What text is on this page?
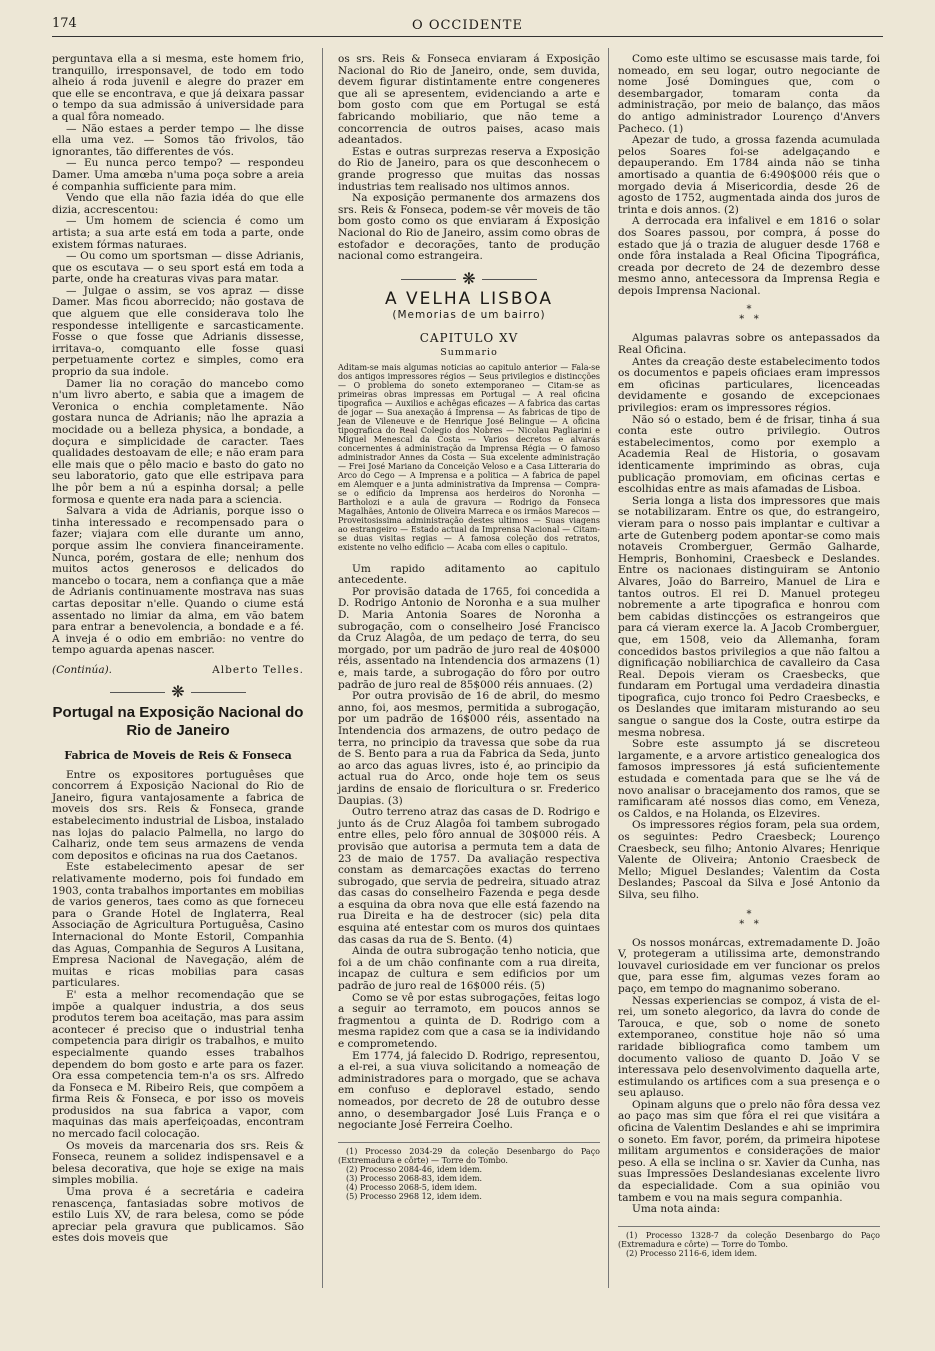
174	O OCCIDENTE

perguntava ella a si mesma, este homem frio, tranquillo, irresponsavel, de todo em todo alheio á roda juvenil e alegre do prazer em que elle se encontrava, e que já deixara passar o tempo da sua admissão á universidade para a qual fôra nomeado.

— Não estaes a perder tempo — lhe disse ella uma vez. — Somos tão frivolos, tão ignorantes, tão differentes de vós.

— Eu nunca perco tempo? — respondeu Damer. Uma amœba n'uma poça sobre a areia é companhia sufficiente para mim.

Vendo que ella não fazia idéa do que elle dizia, accrescentou:

— Um homem de sciencia é como um artista; a sua arte está em toda a parte, onde existem fórmas naturaes.

— Ou como um sportsman — disse Adrianis, que os escutava — o seu sport está em toda a parte, onde ha creaturas vivas para matar.

— Julgae o assim, se vos apraz — disse Damer. Mas ficou aborrecido; não gostava de que alguem que elle considerava tolo lhe respondesse intelligente e sarcasticamente. Fosse o que fosse que Adrianis dissesse, irritava-o, comquanto elle fosse quasi perpetuamente cortez e simples, como era proprio da sua indole.

Damer lia no coração do mancebo como n'um livro aberto, e sabia que a imagem de Veronica o enchia completamente. Não gostara nunca de Adrianis; não lhe aprazia a mocidade ou a belleza physica, a bondade, a doçura e simplicidade de caracter. Taes qualidades destoavam de elle; e não eram para elle mais que o pêlo macio e basto do gato no seu laboratorio, gato que elle estripava para lhe pôr bem a nú a espinha dorsal; a pelle formosa e quente era nada para a sciencia.

Salvara a vida de Adrianis, porque isso o tinha interessado e recompensado para o fazer; viajara com elle durante um anno, porque assim lhe conviera financeiramente. Nunca, porém, gostara de elle; nenhum dos muitos actos generosos e delicados do mancebo o tocara, nem a confiança que a mãe de Adrianis continuamente mostrava nas suas cartas depositar n'elle. Quando o ciume está assentado no limiar da alma, em vão batem para entrar a benevolencia, a bondade e a fé. A inveja é o odio em embrião: no ventre do tempo aguarda apenas nascer.

(Continúa).	Alberto Telles.
❋
Portugal na Exposição Nacional do Rio de Janeiro
Fabrica de Moveis de Reis & Fonseca

Entre os expositores portuguêses que concorrem á Exposição Nacional do Rio de Janeiro, figura vantajosamente a fabrica de moveis dos srs. Reis & Fonseca, grande estabelecimento industrial de Lisboa, instalado nas lojas do palacio Palmella, no largo do Calhariz, onde tem seus armazens de venda com depositos e oficinas na rua dos Caetanos.

Este estabelecimento apesar de ser relativamente moderno, pois foi fundado em 1903, conta trabalhos importantes em mobilias de varios generos, taes como as que forneceu para o Grande Hotel de Inglaterra, Real Associação de Agricultura Portuguêsa, Casino Internacional do Monte Estoril, Companhia das Aguas, Companhia de Seguros A Lusitana, Empresa Nacional de Navegação, além de muitas e ricas mobilias para casas particulares.

E' esta a melhor recomendação que se impõe a qualquer industria, a dos seus produtos terem boa aceitação, mas para assim acontecer é preciso que o industrial tenha competencia para dirigir os trabalhos, e muito especialmente quando esses trabalhos dependem do bom gosto e arte para os fazer. Ora essa competencia tem-n'a os srs. Alfredo da Fonseca e M. Ribeiro Reis, que compõem a firma Reis & Fonseca, e por isso os moveis produsidos na sua fabrica a vapor, com maquinas das mais aperfeiçoadas, encontram no mercado facil colocação.

Os moveis da marcenaria dos srs. Reis & Fonseca, reunem a solidez indispensavel e a belesa decorativa, que hoje se exige na mais simples mobilia.

Uma prova é a secretária e cadeira renascença, fantasiadas sobre motivos de estilo Luis XV, de rara belesa, como se póde apreciar pela gravura que publicamos. São estes dois moveis que

os srs. Reis & Fonseca enviaram á Exposição Nacional do Rio de Janeiro, onde, sem duvida, devem figurar distintamente entre congeneres que ali se apresentem, evidenciando a arte e bom gosto com que em Portugal se está fabricando mobiliario, que não teme a concorrencia de outros paises, acaso mais adeantados.

Estas e outras surprezas reserva a Exposição do Rio de Janeiro, para os que desconhecem o grande progresso que muitas das nossas industrias tem realisado nos ultimos annos.

Na exposição permanente dos armazens dos srs. Reis & Fonseca, podem-se vêr moveis de tão bom gosto como os que enviaram á Exposição Nacional do Rio de Janeiro, assim como obras de estofador e decorações, tanto de produção nacional como estrangeira.

❋
A VELHA LISBOA
(Memorias de um bairro)
CAPITULO XV
Summario
Aditam-se mais algumas noticias ao capitulo anterior — Fala-se dos antigos impressores régios — Seus privilegios e distincções — O problema do soneto extemporaneo — Citam-se as primeiras obras impressas em Portugal — A real oficina tipografica — Auxilios e achêgas eficazes — A fabrica das cartas de jogar — Sua anexação á Imprensa — As fabricas de tipo de Jean de Vileneuve e de Henrique José Belingue — A oficina tipografica do Real Colegio dos Nobres — Nicolau Pagliarini e Miguel Menescal da Costa — Varios decretos e alvarás concernentes á administração da Imprensa Régia — O famoso administrador Annes da Costa — Sua excelente administração — Frei José Mariano da Conceição Veloso e a Casa Litteraria do Arco do Cego — A Imprensa e a politica — A fabrica de papel em Alemquer e a junta administrativa da Imprensa — Compra-se o edificio da Imprensa aos herdeiros do Noronha — Bartholozi e a aula de gravura — Rodrigo da Fonseca Magalhães, Antonio de Oliveira Marreca e os irmãos Marecos — Proveitosissima administração destes ultimos — Suas viagens ao estrangeiro — Estado actual da Imprensa Nacional — Citam-se duas visitas regias — A famosa coleção dos retratos, existente no velho edificio — Acaba com elles o capitulo.

Um rapido aditamento ao capitulo antecedente.

Por provisão datada de 1765, foi concedida a D. Rodrigo Antonio de Noronha e a sua mulher D. Maria Antonia Soares de Noronha a subrogação, com o conselheiro José Francisco da Cruz Alagôa, de um pedaço de terra, do seu morgado, por um padrão de juro real de 40$000 réis, assentado na Intendencia dos armazens (1) e, mais tarde, a subrogação do fôro por outro padrão de juro real de 85$000 réis annuaes. (2)

Por outra provisão de 16 de abril, do mesmo anno, foi, aos mesmos, permitida a subrogação, por um padrão de 16$000 réis, assentado na Intendencia dos armazens, de outro pedaço de terra, no principio da travessa que sobe da rua de S. Bento para a rua da Fabrica da Seda, junto ao arco das aguas livres, isto é, ao principio da actual rua do Arco, onde hoje tem os seus jardins de ensaio de floricultura o sr. Frederico Daupias. (3)

Outro terreno atraz das casas de D. Rodrigo e junto ás de Cruz Alagôa foi tambem subrogado entre elles, pelo fôro annual de 30$000 réis. A provisão que autorisa a permuta tem a data de 23 de maio de 1757. Da avaliação respectiva constam as demarcações exactas do terreno subrogado, que servia de pedreira, situado atraz das casas do conselheiro Fazenda e pega desde a esquina da obra nova que elle está fazendo na rua Direita e ha de destrocer (sic) pela dita esquina até entestar com os muros dos quintaes das casas da rua de S. Bento. (4)

Ainda de outra subrogação tenho noticia, que foi a de um chão confinante com a rua direita, incapaz de cultura e sem edificios por um padrão de juro real de 16$000 réis. (5)

Como se vê por estas subrogações, feitas logo a seguir ao terramoto, em poucos annos se fragmentou a quinta de D. Rodrigo com a mesma rapidez com que a casa se ia individando e comprometendo.

Em 1774, já falecido D. Rodrigo, representou, a el-rei, a sua viuva solicitando a nomeação de administradores para o morgado, que se achava em confuso e deploravel estado, sendo nomeados, por decreto de 28 de outubro desse anno, o desembargador José Luis França e o negociante José Ferreira Coelho.

(1) Processo 2034-29 da coleção Desenbargo do Paço (Extremadura e côrte) — Torre do Tombo.
(2) Processo 2084-46, idem idem.
(3) Processo 2068-83, idem idem.
(4) Processo 2068-5, idem idem.
(5) Processo 2968 12, idem idem.

Como este ultimo se escusasse mais tarde, foi nomeado, em seu logar, outro negociante de nome José Domingues que, com o desembargador, tomaram conta da administração, por meio de balanço, das mãos do antigo administrador Lourenço d'Anvers Pacheco. (1)

Apezar de tudo, a grossa fazenda acumulada pelos Soares foi-se adelgaçando e depauperando. Em 1784 ainda não se tinha amortisado a quantia de 6:490$000 réis que o morgado devia á Misericordia, desde 26 de agosto de 1752, augmentada ainda dos juros de trinta e dois annos. (2)

A derrocada era infalivel e em 1816 o solar dos Soares passou, por compra, á posse do estado que já o trazia de aluguer desde 1768 e onde fôra instalada a Real Oficina Tipográfica, creada por decreto de 24 de dezembro desse mesmo anno, antecessora da Imprensa Regia e depois Imprensa Nacional.

*
*   *

Algumas palavras sobre os antepassados da Real Oficina.

Antes da creação deste estabelecimento todos os documentos e papeis oficiaes eram impressos em oficinas particulares, licenceadas devidamente e gosando de excepcionaes privilegios: eram os impressores régios.

Não só o estado, bem é de frisar, tinha á sua conta este outro privilegio. Outros estabelecimentos, como por exemplo a Academia Real de Historia, o gosavam identicamente imprimindo as obras, cuja publicação promoviam, em oficinas certas e escolhidas entre as mais afamadas de Lisboa.

Seria longa a lista dos impressores que mais se notabilizaram. Entre os que, do estrangeiro, vieram para o nosso pais implantar e cultivar a arte de Gutenberg podem apontar-se como mais notaveis Cromberguer, Germão Galharde, Hempris, Bonhomini, Craesbeck e Deslandes. Entre os nacionaes distinguiram se Antonio Alvares, João do Barreiro, Manuel de Lira e tantos outros. El rei D. Manuel protegeu nobremente a arte tipografica e honrou com bem cabidas distincções os estrangeiros que para cá vieram exerce la. A Jacob Cromberguer, que, em 1508, veio da Allemanha, foram concedidos bastos privilegios a que não faltou a dignificação nobiliarchica de cavalleiro da Casa Real. Depois vieram os Craesbecks, que fundaram em Portugal uma verdadeira dinastia tipografica, cujo tronco foi Pedro Craesbecks, e os Deslandes que imitaram misturando ao seu sangue o sangue dos la Coste, outra estirpe da mesma nobresa.

Sobre este assumpto já se discreteou largamente, e a arvore artistico genealogica dos famosos impressores já está suficientemente estudada e comentada para que se lhe vá de novo analisar o bracejamento dos ramos, que se ramificaram até nossos dias como, em Veneza, os Caldos, e na Holanda, os Elzevires.

Os impressores régios foram, pela sua ordem, os seguintes: Pedro Craesbeck; Lourenço Craesbeck, seu filho; Antonio Alvares; Henrique Valente de Oliveira; Antonio Craesbeck de Mello; Miguel Deslandes; Valentim da Costa Deslandes; Pascoal da Silva e José Antonio da Silva, seu filho.

*
*   *

Os nossos monárcas, extremadamente D. João V, protegeram a utilissima arte, demonstrando louvavel curiosidade em ver funcionar os prelos que, para esse fim, algumas vezes foram ao paço, em tempo do magnanimo soberano.

Nessas experiencias se compoz, á vista de el-rei, um soneto alegorico, da lavra do conde de Tarouca, e que, sob o nome de soneto extemporaneo, constitue hoje não só uma raridade bibliografica como tambem um documento valioso de quanto D. João V se interessava pelo desenvolvimento daquella arte, estimulando os artifices com a sua presença e o seu aplauso.

Opinam alguns que o prelo não fôra dessa vez ao paço mas sim que fôra el rei que visitára a oficina de Valentim Deslandes e ahi se imprimira o soneto. Em favor, porém, da primeira hipotese militam argumentos e considerações de maior peso. A ella se inclina o sr. Xavier da Cunha, nas suas Impressões Deslandesianas excelente livro da especialidade. Com a sua opinião vou tambem e vou na mais segura companhia.

Uma nota ainda:

(1) Processo 1328-7 da coleção Desenbargo do Paço (Extremadura e côrte) — Torre do Tombo.
(2) Processo 2116-6, idem idem.
